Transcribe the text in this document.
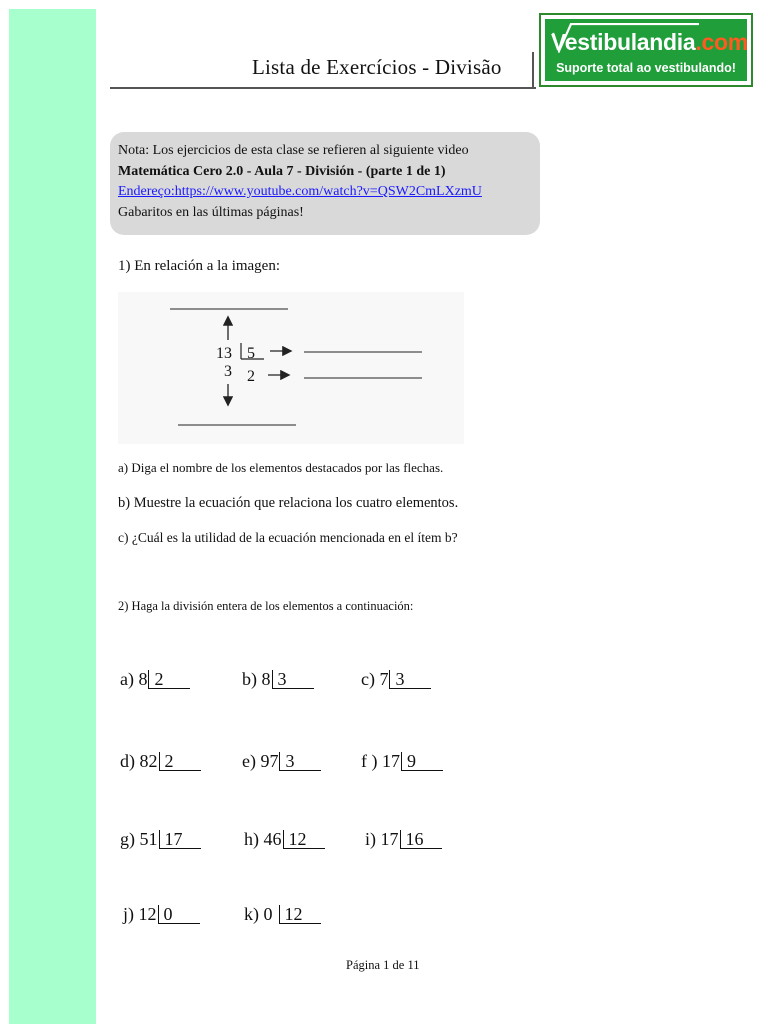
Lista de Exercícios - Divisão
Vestibulandia.com
Suporte total ao vestibulando!
Nota: Los ejercicios de esta clase se refieren al siguiente video
Matemática Cero 2.0 - Aula 7 - División - (parte 1 de 1)
Endereço:https://www.youtube.com/watch?v=QSW2CmLXzmU
Gabaritos en las últimas páginas!
1) En relación a la imagen:
13 5
3 2
a) Diga el nombre de los elementos destacados por las flechas.
b) Muestre la ecuación que relaciona los cuatro elementos.
c) ¿Cuál es la utilidad de la ecuación mencionada en el ítem b?
2) Haga la división entera de los elementos a continuación:
a) 8 2	b) 8 3	c) 7 3
d) 82 2	e) 97 3	f ) 17 9
g) 51 17	h) 46 12	i) 17 16
j) 12 0	k) 0 12
Página 1 de 11
